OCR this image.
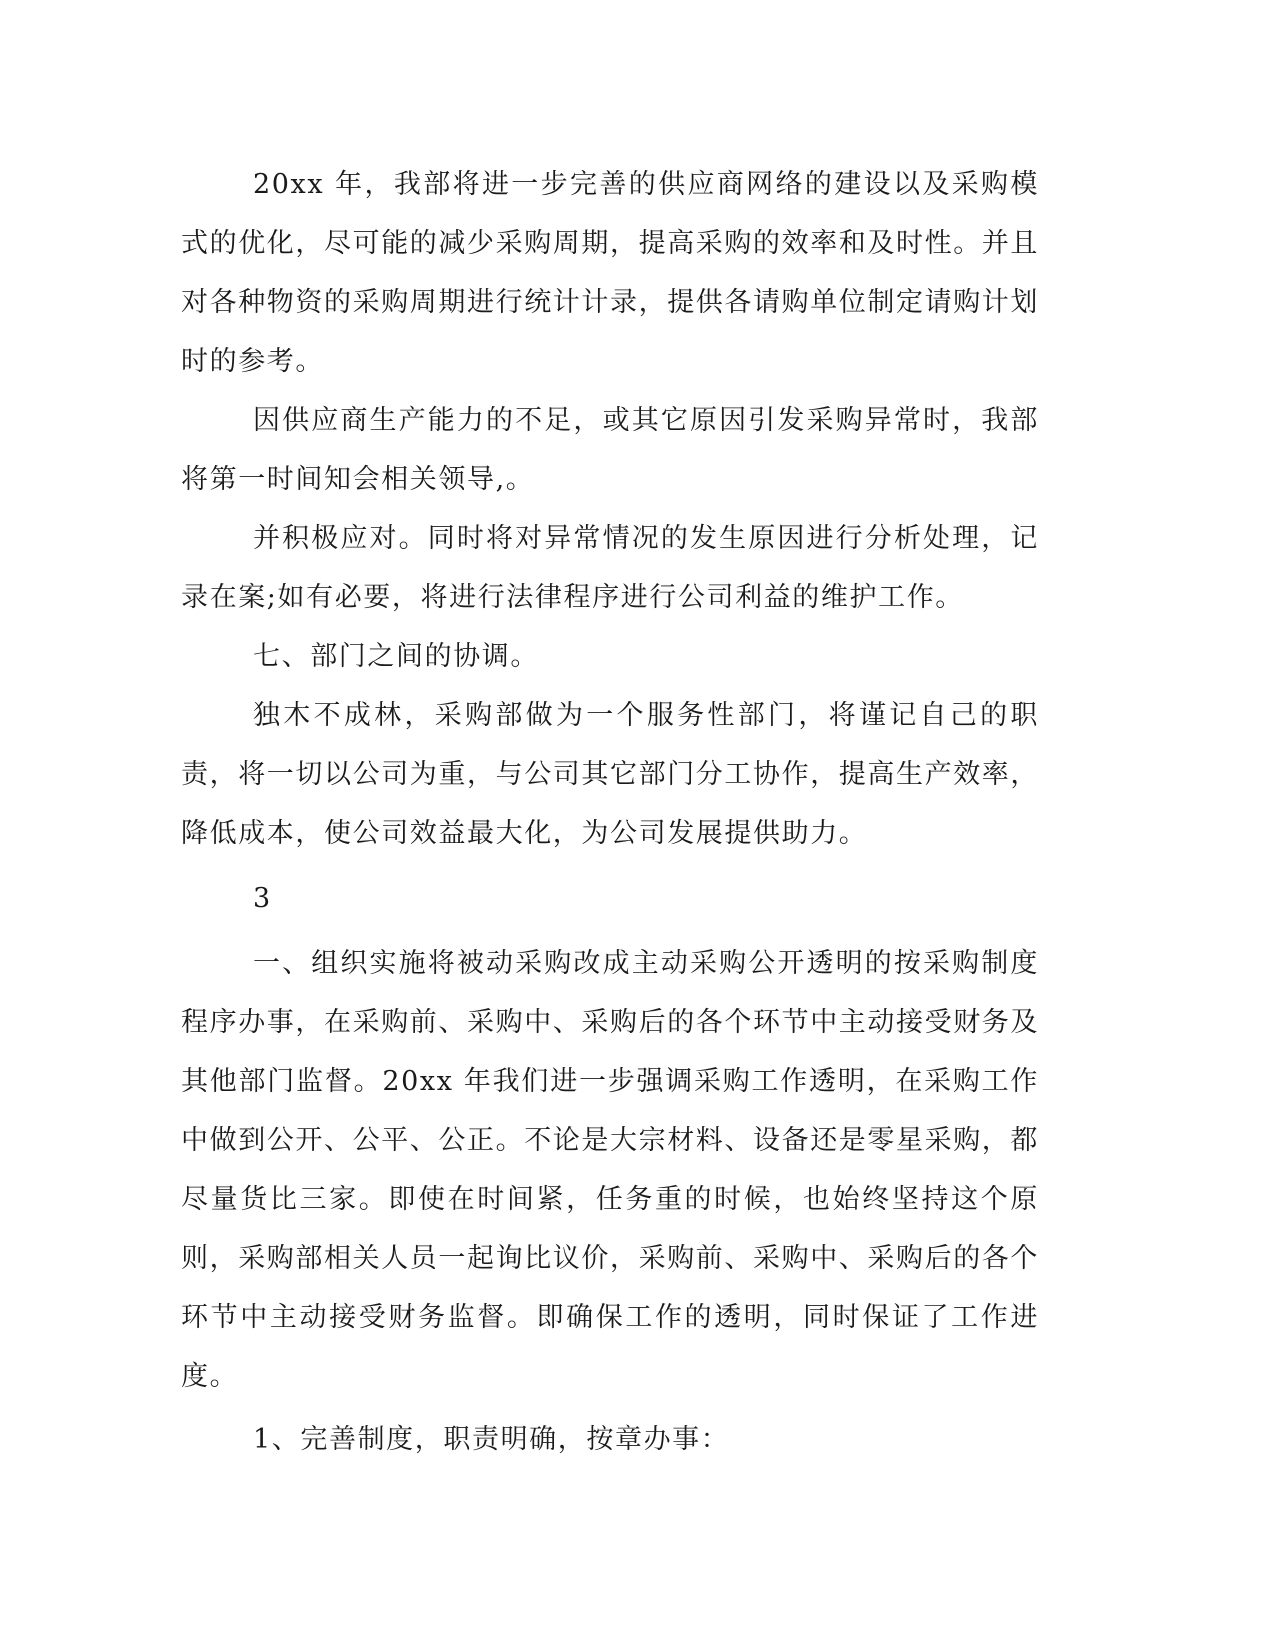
20xx 年，我部将进一步完善的供应商网络的建设以及采购模式的优化，尽可能的减少采购周期，提高采购的效率和及时性。并且对各种物资的采购周期进行统计计录，提供各请购单位制定请购计划时的参考。

因供应商生产能力的不足，或其它原因引发采购异常时，我部将第一时间知会相关领导,。

并积极应对。同时将对异常情况的发生原因进行分析处理，记录在案;如有必要，将进行法律程序进行公司利益的维护工作。

七、部门之间的协调。

独木不成林，采购部做为一个服务性部门，将谨记自己的职责，将一切以公司为重，与公司其它部门分工协作，提高生产效率，降低成本，使公司效益最大化，为公司发展提供助力。

3

一、组织实施将被动采购改成主动采购公开透明的按采购制度程序办事，在采购前、采购中、采购后的各个环节中主动接受财务及其他部门监督。20xx 年我们进一步强调采购工作透明，在采购工作中做到公开、公平、公正。不论是大宗材料、设备还是零星采购，都尽量货比三家。即使在时间紧，任务重的时候，也始终坚持这个原则，采购部相关人员一起询比议价，采购前、采购中、采购后的各个环节中主动接受财务监督。即确保工作的透明，同时保证了工作进度。

1、完善制度，职责明确，按章办事：
